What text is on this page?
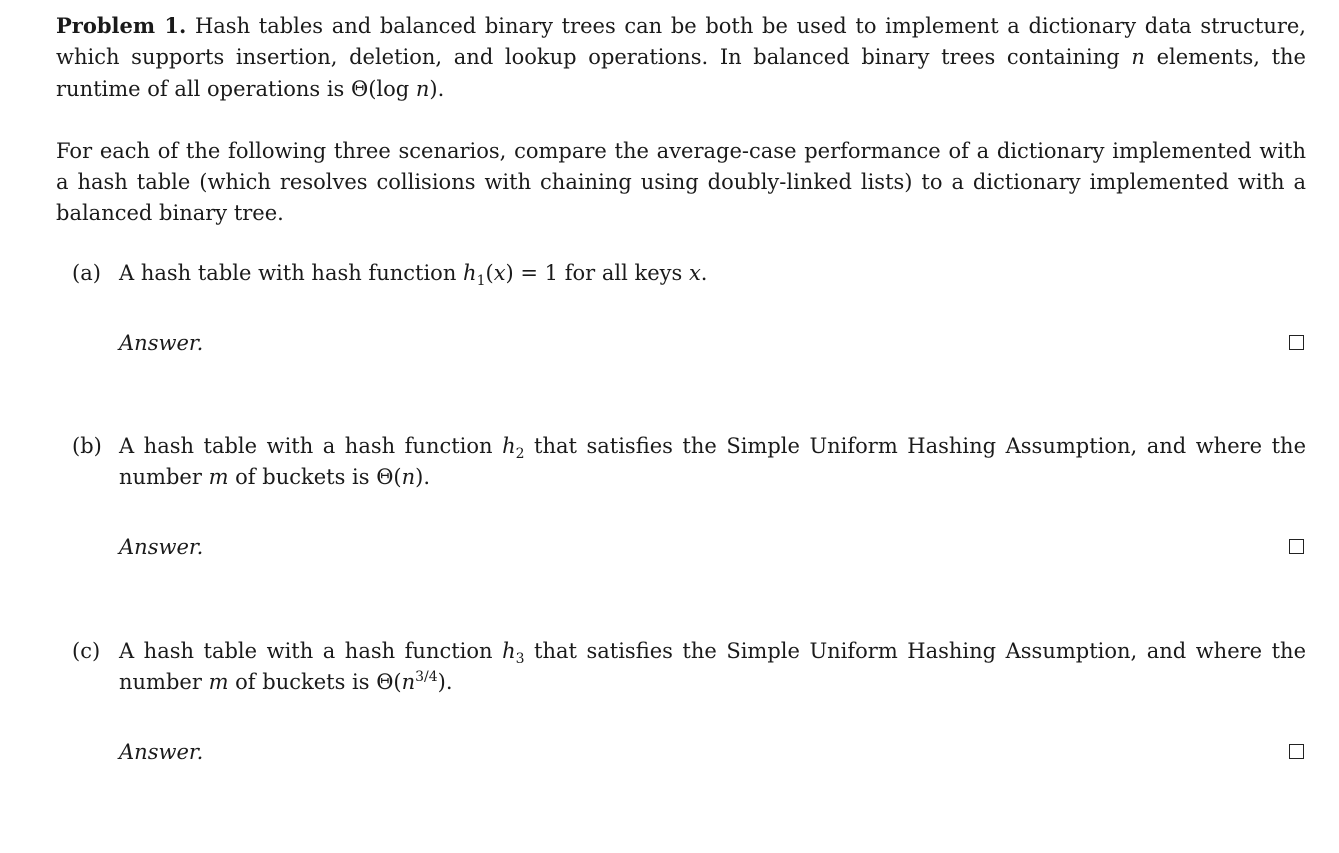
Problem 1. Hash tables and balanced binary trees can be both be used to implement a dictionary data structure, which supports insertion, deletion, and lookup operations. In balanced binary trees containing n elements, the runtime of all operations is Θ(log n).

For each of the following three scenarios, compare the average-case performance of a dictionary implemented with a hash table (which resolves collisions with chaining using doubly-linked lists) to a dictionary implemented with a balanced binary tree.

(a) A hash table with hash function $h_1(x) = 1$ for all keys x.
Answer.
(b) A hash table with a hash function $h_2$ that satisfies the Simple Uniform Hashing Assumption, and where the number m of buckets is Θ(n).
Answer.
(c) A hash table with a hash function $h_3$ that satisfies the Simple Uniform Hashing Assumption, and where the number m of buckets is $\Theta(n^{3/4})$.
Answer.
